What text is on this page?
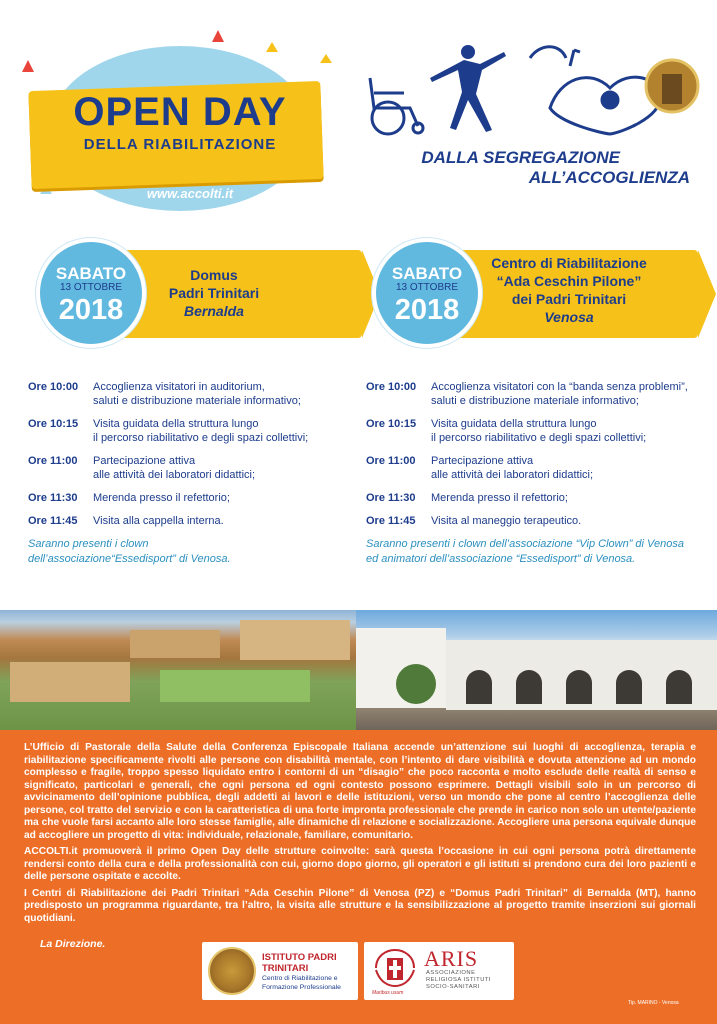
OPEN DAY
DELLA RIABILITAZIONE
www.accolti.it
DALLA SEGREGAZIONE
ALL’ACCOGLIENZA
SABATO
13 OTTOBRE
2018
Domus
Padri Trinitari
Bernalda
SABATO
13 OTTOBRE
2018
Centro di Riabilitazione
“Ada Ceschin Pilone”
dei Padri Trinitari
Venosa
Ore 10:00	Accoglienza visitatori in auditorium,
saluti e distribuzione materiale informativo;
Ore 10:15	Visita guidata della struttura lungo
il percorso riabilitativo e degli spazi collettivi;
Ore 11:00	Partecipazione attiva
alle attività dei laboratori didattici;
Ore 11:30	Merenda presso il refettorio;
Ore 11:45	Visita alla cappella interna.
Saranno presenti i clown
dell’associazione“Essedisport” di Venosa.
Ore 10:00	Accoglienza visitatori con la “banda senza problemi”,
saluti e distribuzione materiale informativo;
Ore 10:15	Visita guidata della struttura lungo
il percorso riabilitativo e degli spazi collettivi;
Ore 11:00	Partecipazione attiva
alle attività dei laboratori didattici;
Ore 11:30	Merenda presso il refettorio;
Ore 11:45	Visita al maneggio terapeutico.
Saranno presenti i clown dell’associazione “Vip Clown” di Venosa
ed animatori dell’associazione “Essedisport” di Venosa.

L’Ufficio di Pastorale della Salute della Conferenza Episcopale Italiana accende un’attenzione sui luoghi di accoglienza, terapia e riabilitazione specificamente rivolti alle persone con disabilità mentale, con l’intento di dare visibilità e dovuta attenzione ad un mondo complesso e fragile, troppo spesso liquidato entro i contorni di un “disagio” che poco racconta e molto esclude delle realtà di senso e significato, particolari e generali, che ogni persona ed ogni contesto possono esprimere. Dettagli visibili solo in un percorso di avvicinamento dell’opinione pubblica, degli addetti ai lavori e delle istituzioni, verso un mondo che pone al centro l’accoglienza delle persone, col tratto del servizio e con la caratteristica di una forte impronta professionale che prende in carico non solo un utente/paziente ma che vuole farsi accanto alle loro stesse famiglie, alle dinamiche di relazione e socializzazione. Accogliere una persona equivale dunque ad accogliere un progetto di vita: individuale, relazionale, familiare, comunitario.

ACCOLTI.it promuoverà il primo Open Day delle strutture coinvolte: sarà questa l’occasione in cui ogni persona potrà direttamente rendersi conto della cura e della professionalità con cui, giorno dopo giorno, gli operatori e gli istituti si prendono cura dei loro pazienti e delle persone ospitate e accolte.

I Centri di Riabilitazione dei Padri Trinitari “Ada Ceschin Pilone” di Venosa (PZ) e “Domus Padri Trinitari” di Bernalda (MT), hanno predisposto un programma riguardante, tra l’altro, la visita alle strutture e la sensibilizzazione al progetto tramite inserzioni sui giornali quotidiani.

La Direzione.
ISTITUTO PADRI TRINITARI
Centro di Riabilitazione e Formazione Professionale
ARIS
ASSOCIAZIONE RELIGIOSA ISTITUTI SOCIO-SANITARI
Maribus usum
Tip. MARINO - Venosa
